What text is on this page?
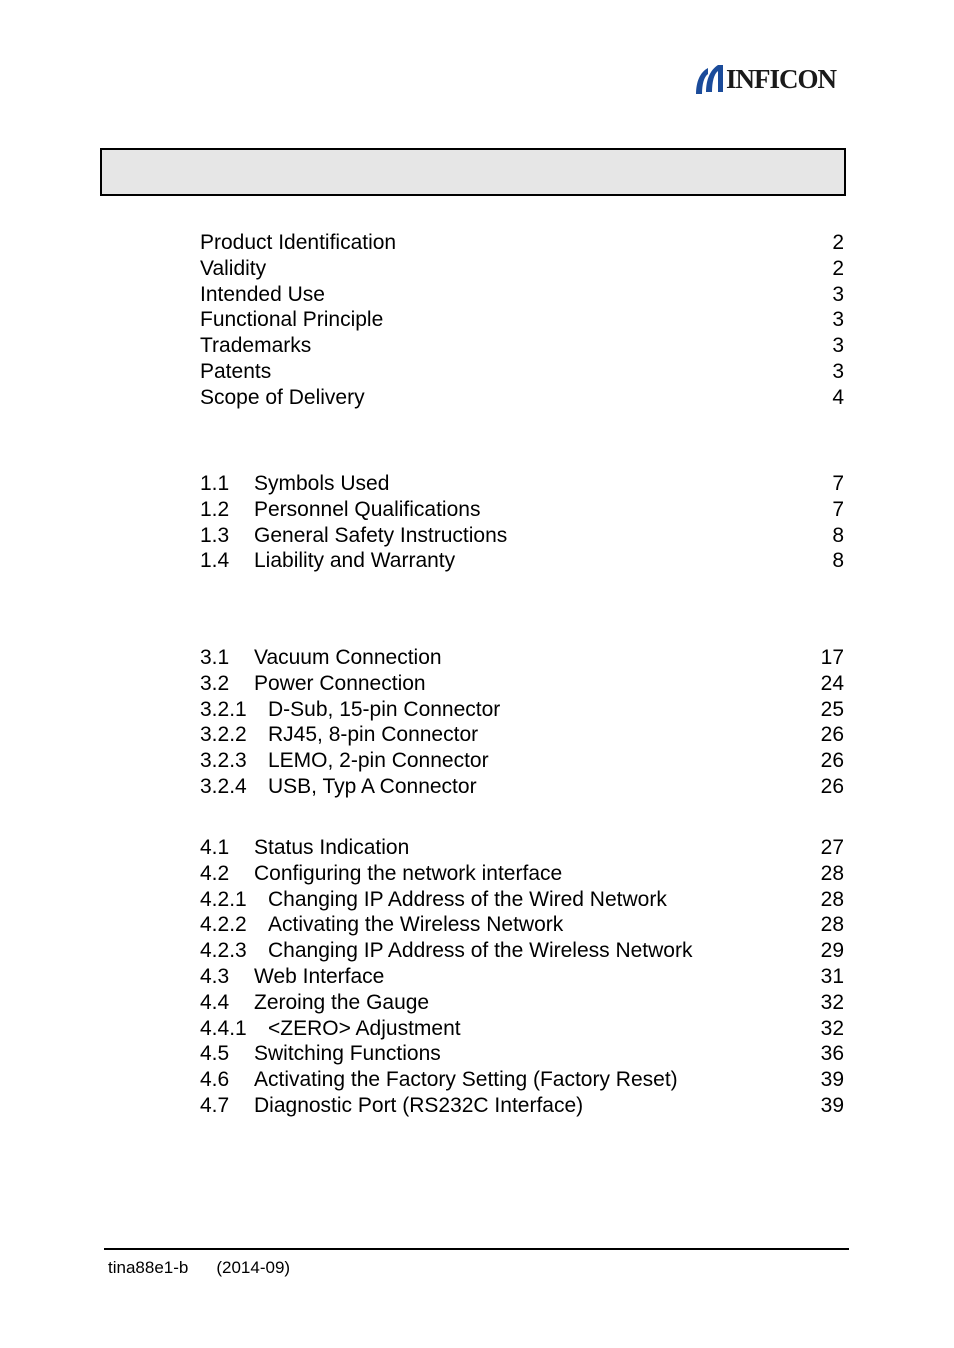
INFICON
Product Identification	2
Validity	2
Intended Use	3
Functional Principle	3
Trademarks	3
Patents	3
Scope of Delivery	4
1.1 Symbols Used	7
1.2 Personnel Qualifications	7
1.3 General Safety Instructions	8
1.4 Liability and Warranty	8
3.1 Vacuum Connection	17
3.2 Power Connection	24
3.2.1 D-Sub, 15-pin Connector	25
3.2.2 RJ45, 8-pin Connector	26
3.2.3 LEMO, 2-pin Connector	26
3.2.4 USB, Typ A Connector	26
4.1 Status Indication	27
4.2 Configuring the network interface	28
4.2.1 Changing IP Address of the Wired Network	28
4.2.2 Activating the Wireless Network	28
4.2.3 Changing IP Address of the Wireless Network	29
4.3 Web Interface	31
4.4 Zeroing the Gauge	32
4.4.1 <ZERO> Adjustment	32
4.5 Switching Functions	36
4.6 Activating the Factory Setting (Factory Reset)	39
4.7 Diagnostic Port (RS232C Interface)	39
tina88e1-b (2014-09)
